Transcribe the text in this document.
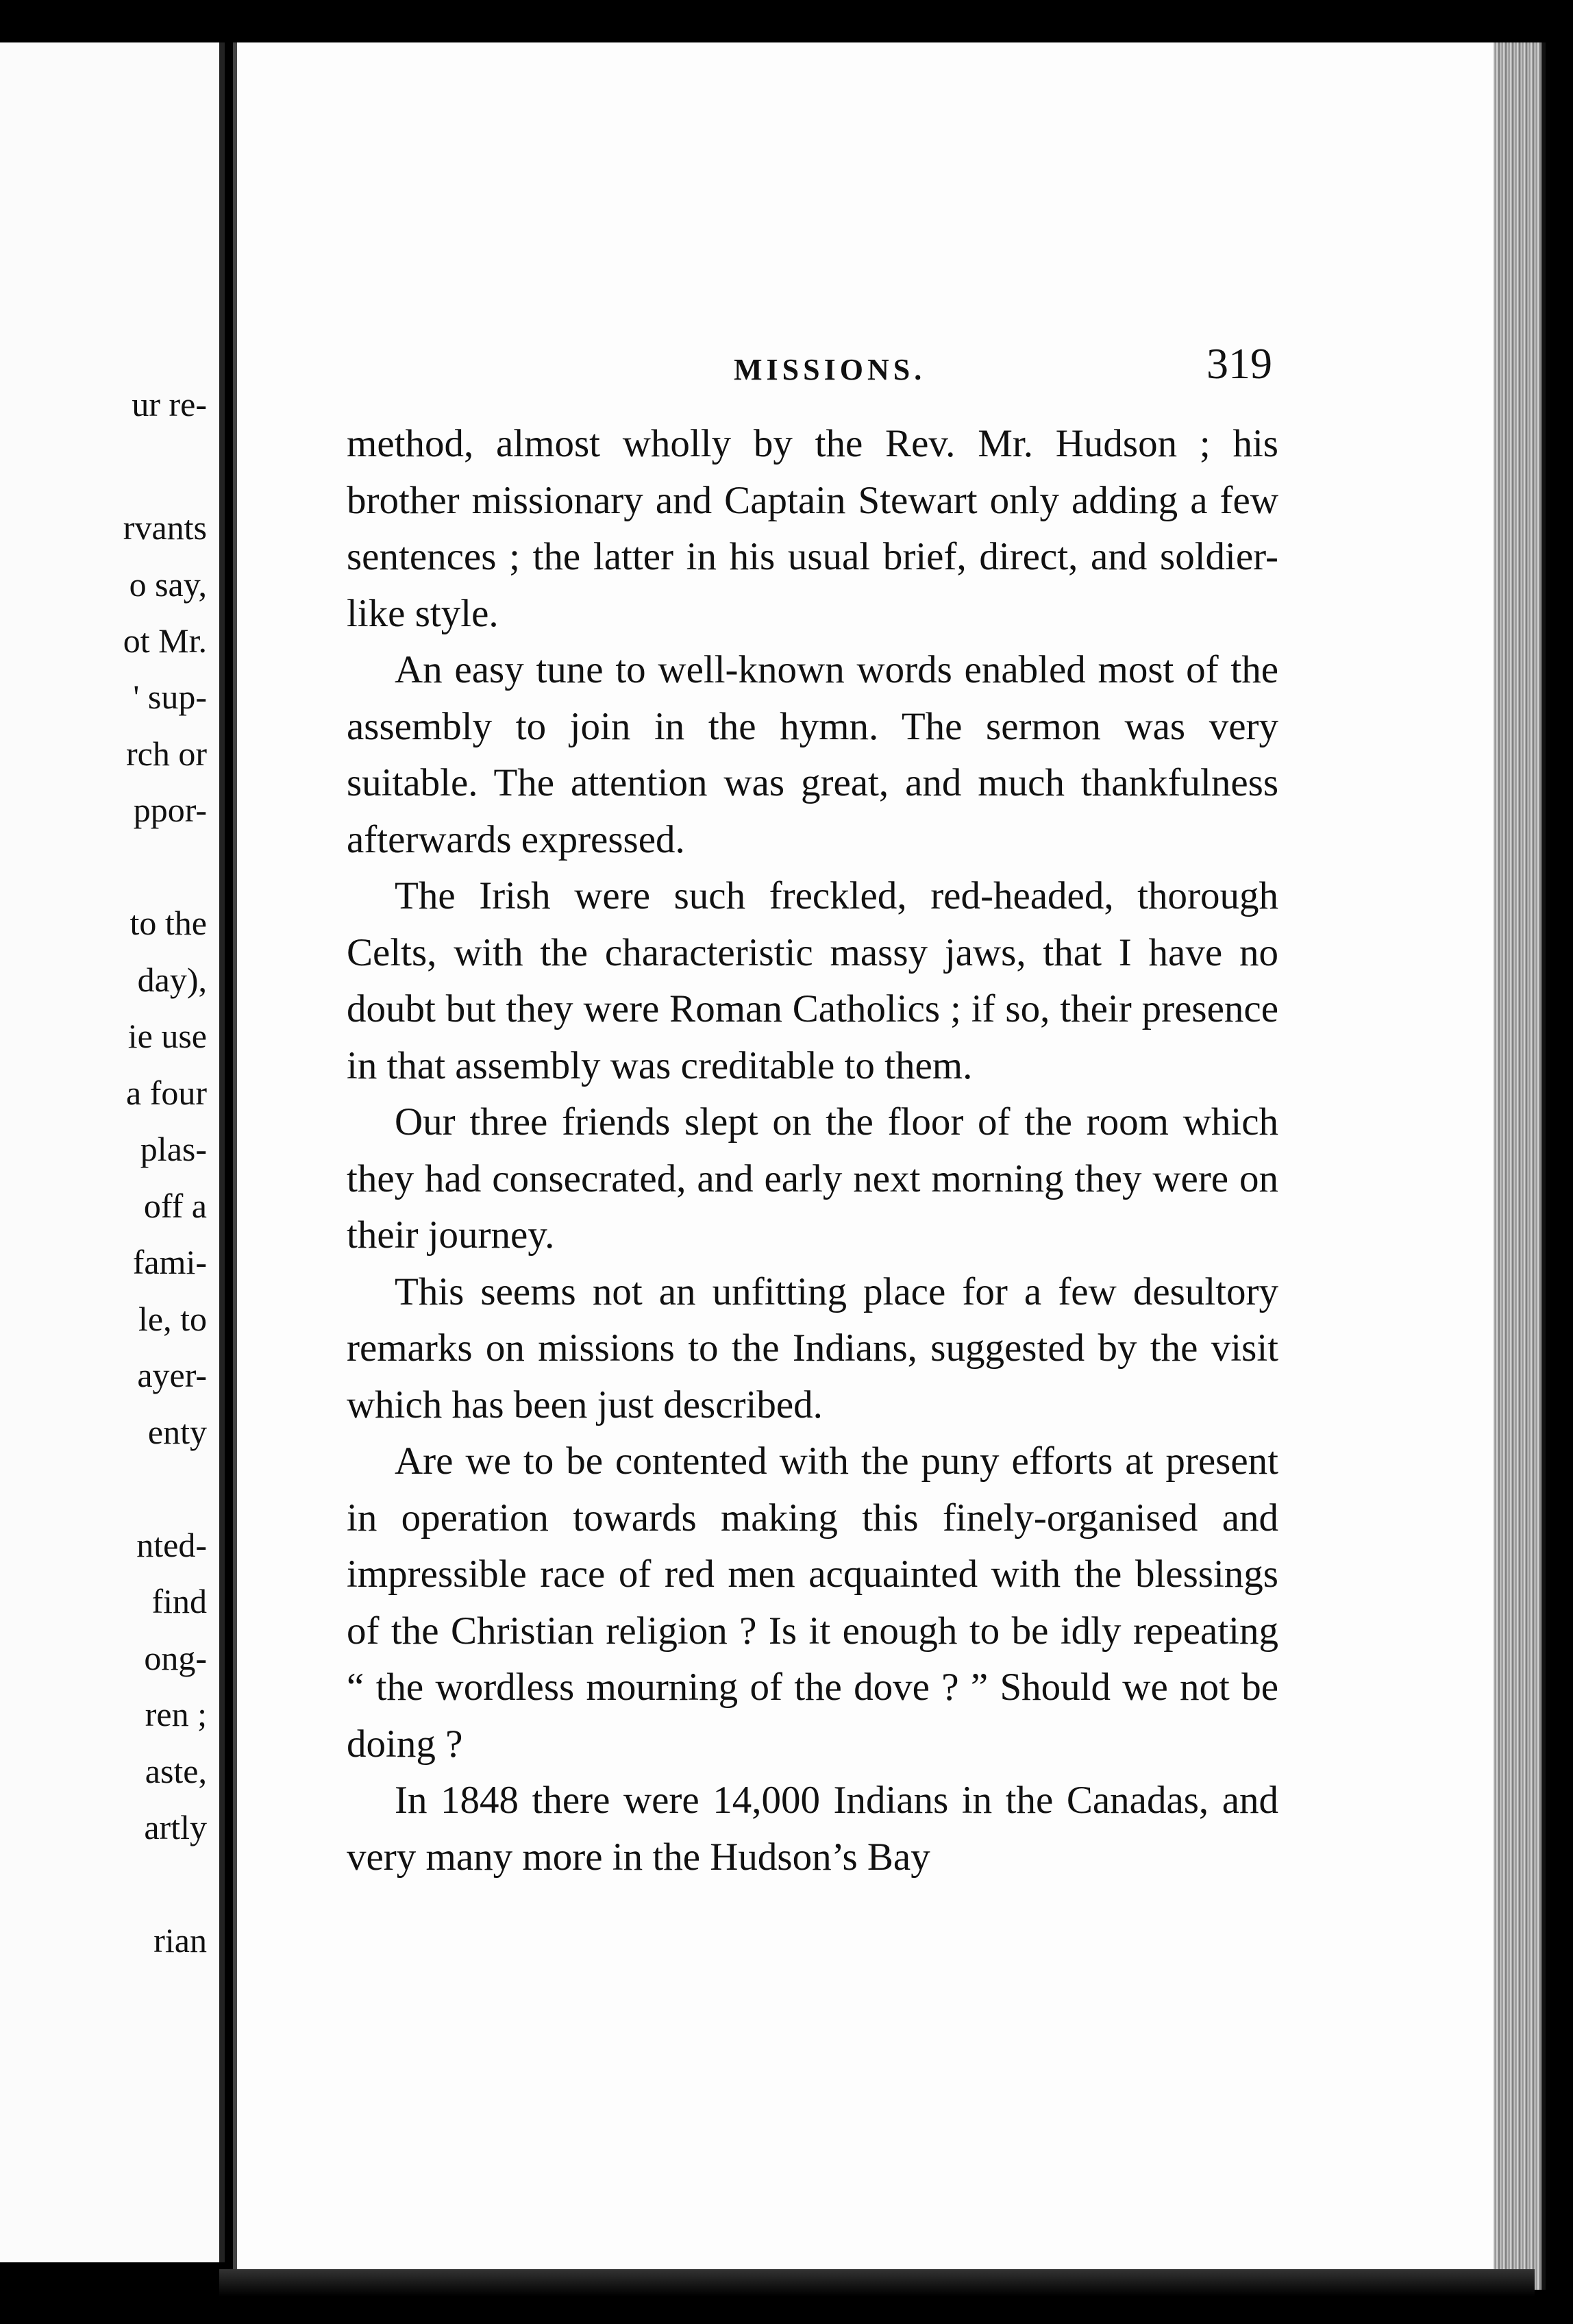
ur re-
rvants
o say,
ot Mr.
' sup-
rch or
ppor-
to the
day),
ie use
a four
plas-
off a
fami-
le, to
ayer-
enty
nted-
find
ong-
ren ;
aste,
artly
rian
MISSIONS.	319

method, almost wholly by the Rev. Mr. Hudson ; his brother missionary and Captain Stewart only adding a few sentences ; the latter in his usual brief, direct, and soldier-like style.

An easy tune to well-known words enabled most of the assembly to join in the hymn. The sermon was very suitable. The attention was great, and much thankfulness afterwards expressed.

The Irish were such freckled, red-headed, thorough Celts, with the characteristic massy jaws, that I have no doubt but they were Roman Catholics ; if so, their presence in that assembly was creditable to them.

Our three friends slept on the floor of the room which they had consecrated, and early next morning they were on their journey.

This seems not an unfitting place for a few desultory remarks on missions to the Indians, suggested by the visit which has been just described.

Are we to be contented with the puny efforts at present in operation towards making this finely-organised and impressible race of red men acquainted with the blessings of the Christian religion ? Is it enough to be idly repeating “ the wordless mourning of the dove ? ” Should we not be doing ?

In 1848 there were 14,000 Indians in the Canadas, and very many more in the Hudson’s Bay
